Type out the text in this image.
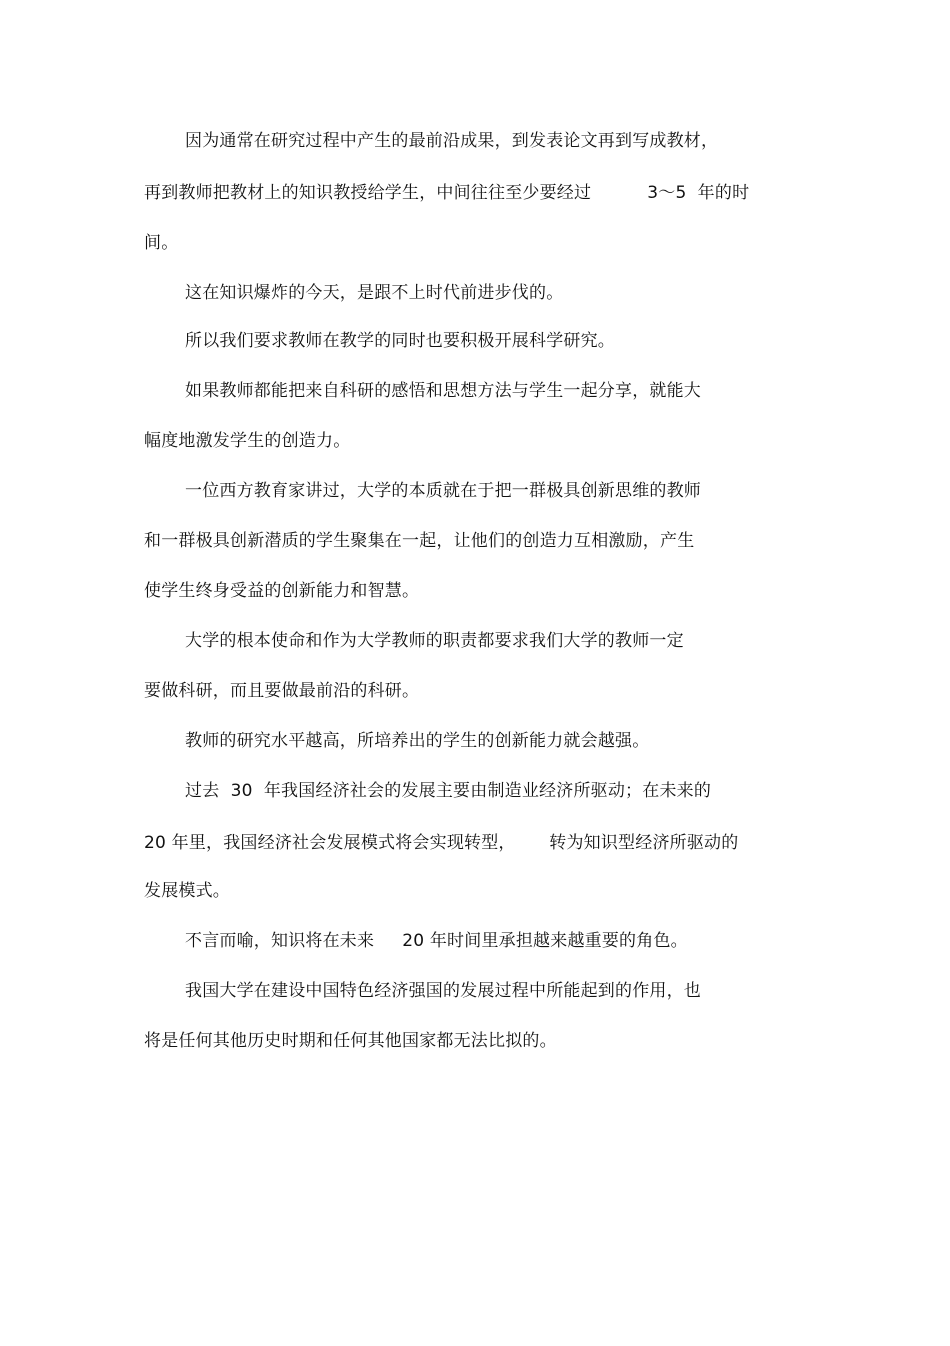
因为通常在研究过程中产生的最前沿成果，到发表论文再到写成教材，
再到教师把教材上的知识教授给学生，中间往往至少要经过          3～5  年的时
间。
这在知识爆炸的今天，是跟不上时代前进步伐的。
所以我们要求教师在教学的同时也要积极开展科学研究。
如果教师都能把来自科研的感悟和思想方法与学生一起分享，就能大
幅度地激发学生的创造力。
一位西方教育家讲过，大学的本质就在于把一群极具创新思维的教师
和一群极具创新潜质的学生聚集在一起，让他们的创造力互相激励，产生
使学生终身受益的创新能力和智慧。
大学的根本使命和作为大学教师的职责都要求我们大学的教师一定
要做科研，而且要做最前沿的科研。
教师的研究水平越高，所培养出的学生的创新能力就会越强。
过去  30  年我国经济社会的发展主要由制造业经济所驱动；在未来的
20 年里，我国经济社会发展模式将会实现转型，      转为知识型经济所驱动的
发展模式。
不言而喻，知识将在未来     20 年时间里承担越来越重要的角色。
我国大学在建设中国特色经济强国的发展过程中所能起到的作用，也
将是任何其他历史时期和任何其他国家都无法比拟的。
